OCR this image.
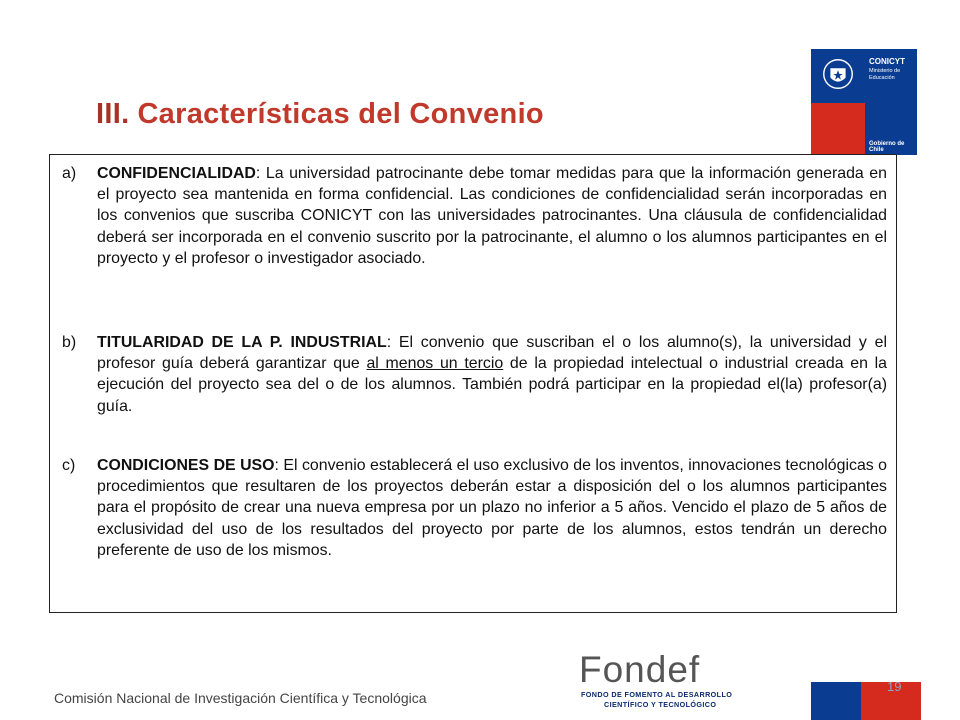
III. Características del Convenio
CONICYT
Ministerio de Educación
Gobierno de Chile
a) CONFIDENCIALIDAD: La universidad patrocinante debe tomar medidas para que la información generada en el proyecto sea mantenida en forma confidencial. Las condiciones de confidencialidad serán incorporadas en los convenios que suscriba CONICYT con las universidades patrocinantes. Una cláusula de confidencialidad deberá ser incorporada en el convenio suscrito por la patrocinante, el alumno o los alumnos participantes en el proyecto y el profesor o investigador asociado.
b) TITULARIDAD DE LA P. INDUSTRIAL: El convenio que suscriban el o los alumno(s), la universidad y el profesor guía deberá garantizar que al menos un tercio de la propiedad intelectual o industrial creada en la ejecución del proyecto sea del o de los alumnos. También podrá participar en la propiedad el(la) profesor(a) guía.
c) CONDICIONES DE USO: El convenio establecerá el uso exclusivo de los inventos, innovaciones tecnológicas o procedimientos que resultaren de los proyectos deberán estar a disposición del o los alumnos participantes para el propósito de crear una nueva empresa por un plazo no inferior a 5 años. Vencido el plazo de 5 años de exclusividad del uso de los resultados del proyecto por parte de los alumnos, estos tendrán un derecho preferente de uso de los mismos.
Comisión Nacional de Investigación Científica y Tecnológica
Fondef
FONDO DE FOMENTO AL DESARROLLO
CIENTÍFICO Y TECNOLÓGICO
19
